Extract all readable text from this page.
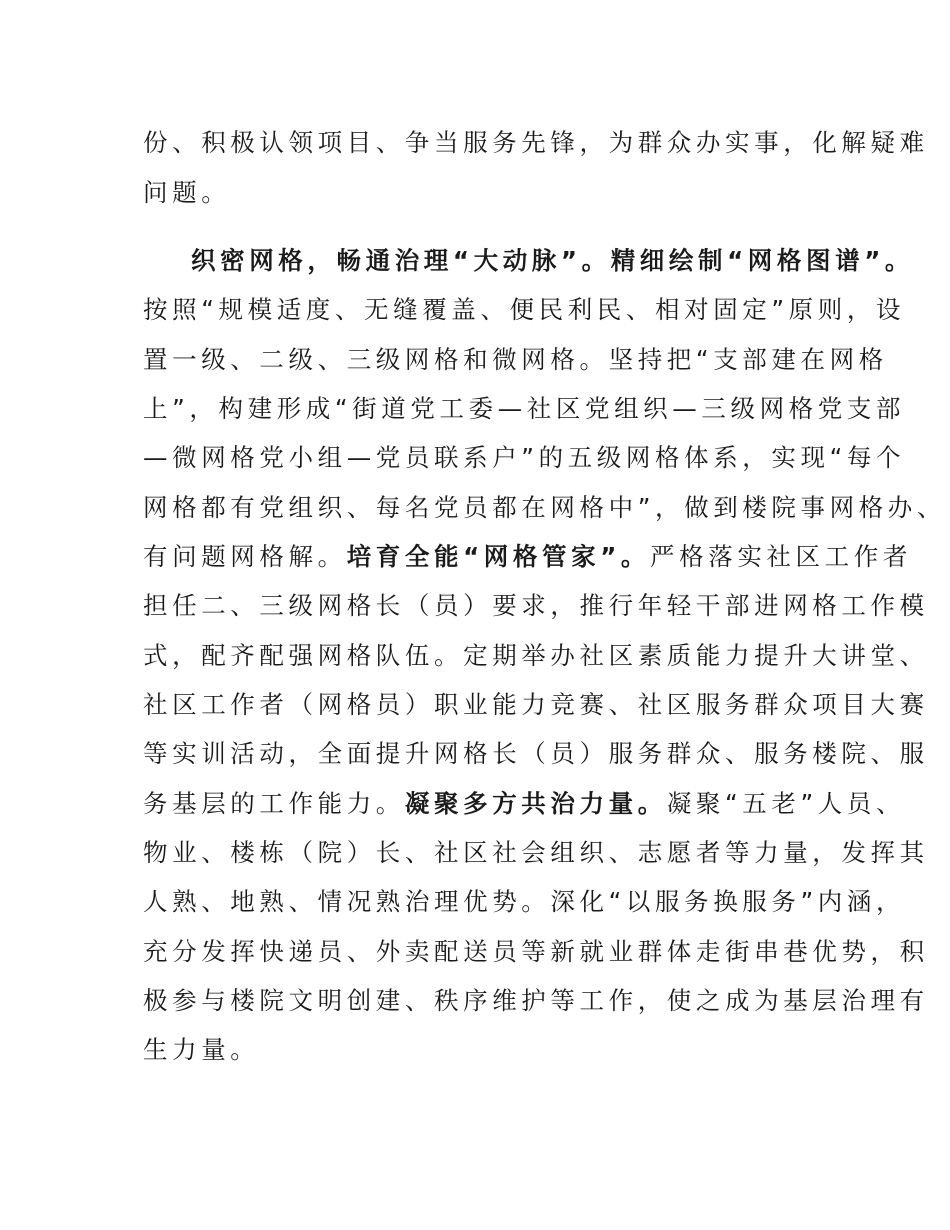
份、积极认领项目、争当服务先锋，为群众办实事，化解疑难
问题。
织密网格，畅通治理“大动脉”。精细绘制“网格图谱”。
按照“规模适度、无缝覆盖、便民利民、相对固定”原则，设
置一级、二级、三级网格和微网格。坚持把“支部建在网格
上”，构建形成“街道党工委—社区党组织—三级网格党支部
—微网格党小组—党员联系户”的五级网格体系，实现“每个
网格都有党组织、每名党员都在网格中”，做到楼院事网格办、
有问题网格解。培育全能“网格管家”。严格落实社区工作者
担任二、三级网格长（员）要求，推行年轻干部进网格工作模
式，配齐配强网格队伍。定期举办社区素质能力提升大讲堂、
社区工作者（网格员）职业能力竞赛、社区服务群众项目大赛
等实训活动，全面提升网格长（员）服务群众、服务楼院、服
务基层的工作能力。凝聚多方共治力量。凝聚“五老”人员、
物业、楼栋（院）长、社区社会组织、志愿者等力量，发挥其
人熟、地熟、情况熟治理优势。深化“以服务换服务”内涵，
充分发挥快递员、外卖配送员等新就业群体走街串巷优势，积
极参与楼院文明创建、秩序维护等工作，使之成为基层治理有
生力量。
